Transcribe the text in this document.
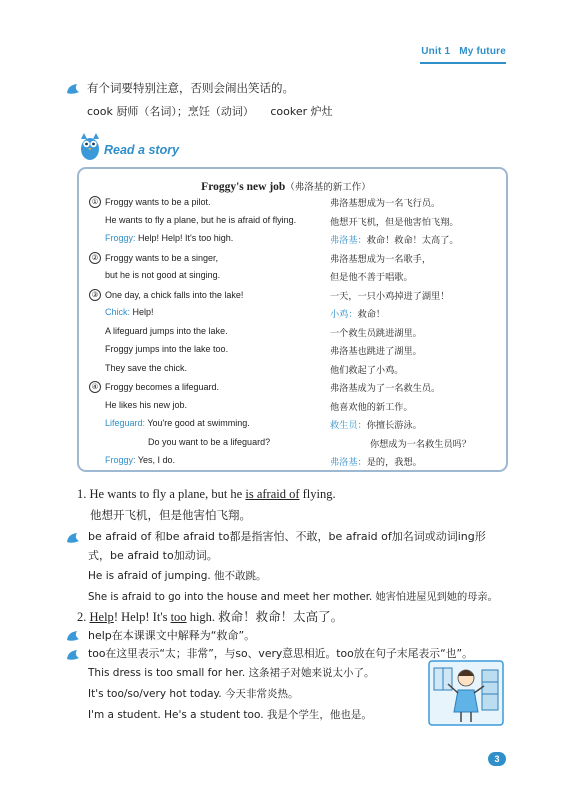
Unit 1 My future
有个词要特别注意，否则会闹出笑话的。
cook 厨师（名词）；烹饪（动词）　　cooker 炉灶
Read a story
Froggy's new job（弗洛基的新工作）
① Froggy wants to be a pilot.	弗洛基想成为一名飞行员。
He wants to fly a plane, but he is afraid of flying.	他想开飞机，但是他害怕飞翔。
Froggy: Help! Help! It's too high.	弗洛基：救命！救命！太高了。
② Froggy wants to be a singer,	弗洛基想成为一名歌手，
but he is not good at singing.	但是他不善于唱歌。
③ One day, a chick falls into the lake!	一天，一只小鸡掉进了湖里！
Chick: Help!	小鸡：救命！
A lifeguard jumps into the lake.	一个救生员跳进湖里。
Froggy jumps into the lake too.	弗洛基也跳进了湖里。
They save the chick.	他们救起了小鸡。
④ Froggy becomes a lifeguard.	弗洛基成为了一名救生员。
He likes his new job.	他喜欢他的新工作。
Lifeguard: You're good at swimming.	救生员：你擅长游泳。
Do you want to be a lifeguard?	你想成为一名救生员吗？
Froggy: Yes, I do.	弗洛基：是的，我想。
1. He wants to fly a plane, but he is afraid of flying.
他想开飞机，但是他害怕飞翔。
be afraid of 和be afraid to都是指害怕、不敢，be afraid of加名词或动词ing形
式，be afraid to加动词。
He is afraid of jumping. 他不敢跳。
She is afraid to go into the house and meet her mother. 她害怕进屋见到她的母亲。
2. Help! Help! It's too high. 救命！救命！太高了。
help在本课课文中解释为“救命”。
too在这里表示“太；非常”，与so、very意思相近。too放在句子末尾表示“也”。
This dress is too small for her. 这条裙子对她来说太小了。
It's too/so/very hot today. 今天非常炎热。
I'm a student. He's a student too. 我是个学生，他也是。
3
